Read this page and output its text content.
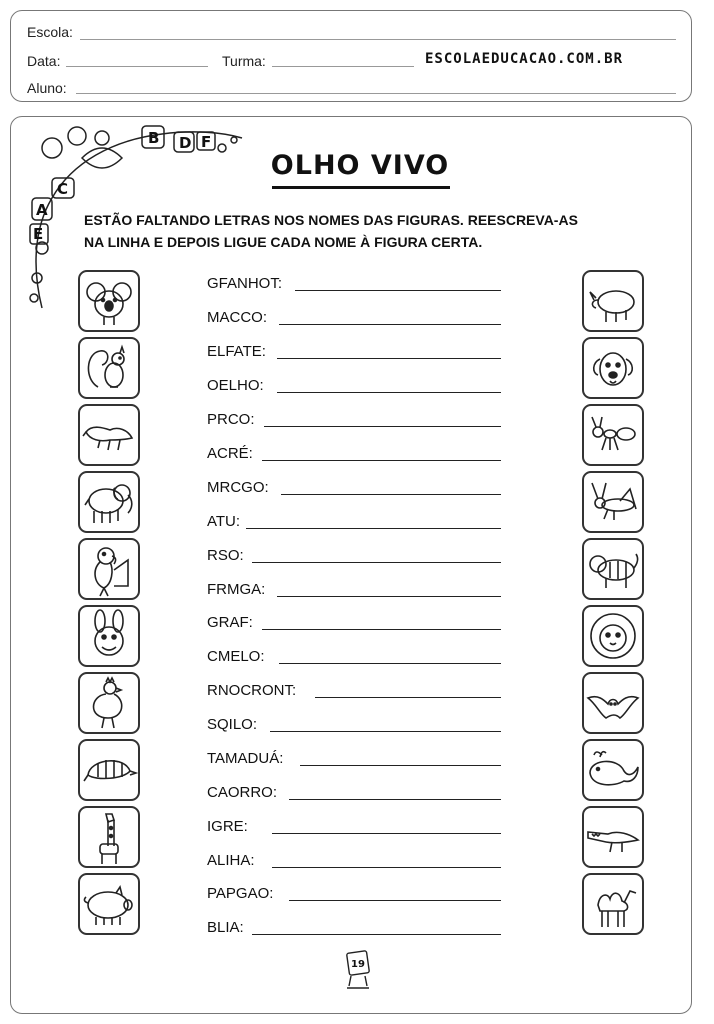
Escola:
Data:	Turma:	ESCOLAEDUCACAO.COM.BR
Aluno:
B D F
A
C
E
OLHO VIVO
ESTÃO FALTANDO LETRAS NOS NOMES DAS FIGURAS. REESCREVA-AS
NA LINHA E DEPOIS LIGUE CADA NOME À FIGURA CERTA.
GFANHOT:
MACCO:
ELFATE:
OELHO:
PRCO:
ACRÉ:
MRCGO:
ATU:
RSO:
FRMGA:
GRAF:
CMELO:
RNOCRONT:
SQILO:
TAMADUÁ:
CAORRO:
IGRE:
ALIHA:
PAPGAO:
BLIA:
19
